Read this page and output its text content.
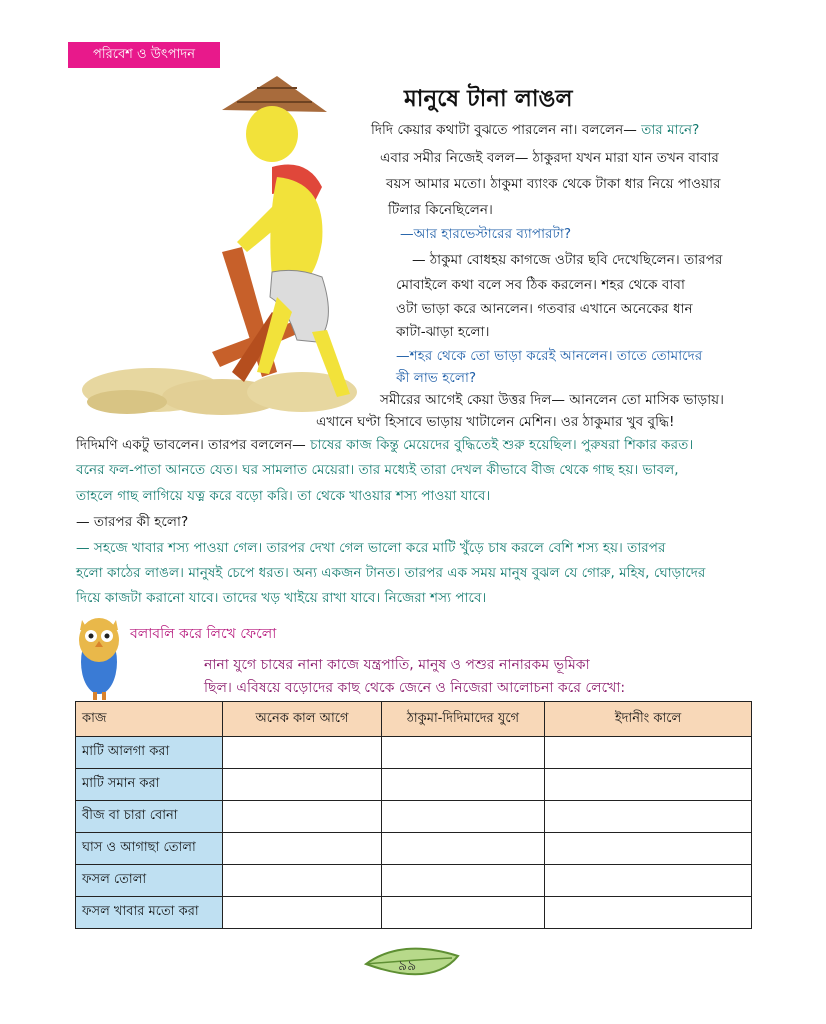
পরিবেশ ও উৎপাদন
মানুষে টানা লাঙল
দিদি কেয়ার কথাটা বুঝতে পারলেন না। বললেন— তার মানে?
এবার সমীর নিজেই বলল— ঠাকুরদা যখন মারা যান তখন বাবার
বয়স আমার মতো। ঠাকুমা ব্যাংক থেকে টাকা ধার নিয়ে পাওয়ার
টিলার কিনেছিলেন।
—আর হারভেস্টারের ব্যাপারটা?
— ঠাকুমা বোধহয় কাগজে ওটার ছবি দেখেছিলেন। তারপর
মোবাইলে কথা বলে সব ঠিক করলেন। শহর থেকে বাবা
ওটা ভাড়া করে আনলেন। গতবার এখানে অনেকের ধান
কাটা-ঝাড়া হলো।
—শহর থেকে তো ভাড়া করেই আনলেন। তাতে তোমাদের
কী লাভ হলো?
সমীরের আগেই কেয়া উত্তর দিল— আনলেন তো মাসিক ভাড়ায়।
এখানে ঘণ্টা হিসাবে ভাড়ায় খাটালেন মেশিন। ওর ঠাকুমার খুব বুদ্ধি!
দিদিমণি একটু ভাবলেন। তারপর বললেন— চাষের কাজ কিন্তু মেয়েদের বুদ্ধিতেই শুরু হয়েছিল। পুরুষরা শিকার করত।
বনের ফল-পাতা আনতে যেত। ঘর সামলাত মেয়েরা। তার মধ্যেই তারা দেখল কীভাবে বীজ থেকে গাছ হয়। ভাবল,
তাহলে গাছ লাগিয়ে যত্ন করে বড়ো করি। তা থেকে খাওয়ার শস্য পাওয়া যাবে।
— তারপর কী হলো?
— সহজে খাবার শস্য পাওয়া গেল। তারপর দেখা গেল ভালো করে মাটি খুঁড়ে চাষ করলে বেশি শস্য হয়। তারপর
হলো কাঠের লাঙল। মানুষই চেপে ধরত। অন্য একজন টানত। তারপর এক সময় মানুষ বুঝল যে গোরু, মহিষ, ঘোড়াদের
দিয়ে কাজটা করানো যাবে। তাদের খড় খাইয়ে রাখা যাবে। নিজেরা শস্য পাবে।
বলাবলি করে লিখে ফেলো
নানা যুগে চাষের নানা কাজে যন্ত্রপাতি, মানুষ ও পশুর নানারকম ভূমিকা
ছিল। এবিষয়ে বড়োদের কাছ থেকে জেনে ও নিজেরা আলোচনা করে লেখো:
কাজ	অনেক কাল আগে	ঠাকুমা-দিদিমাদের যুগে	ইদানীং কালে
মাটি আলগা করা			
মাটি সমান করা			
বীজ বা চারা বোনা			
ঘাস ও আগাছা তোলা			
ফসল তোলা			
ফসল খাবার মতো করা			
৯৯
